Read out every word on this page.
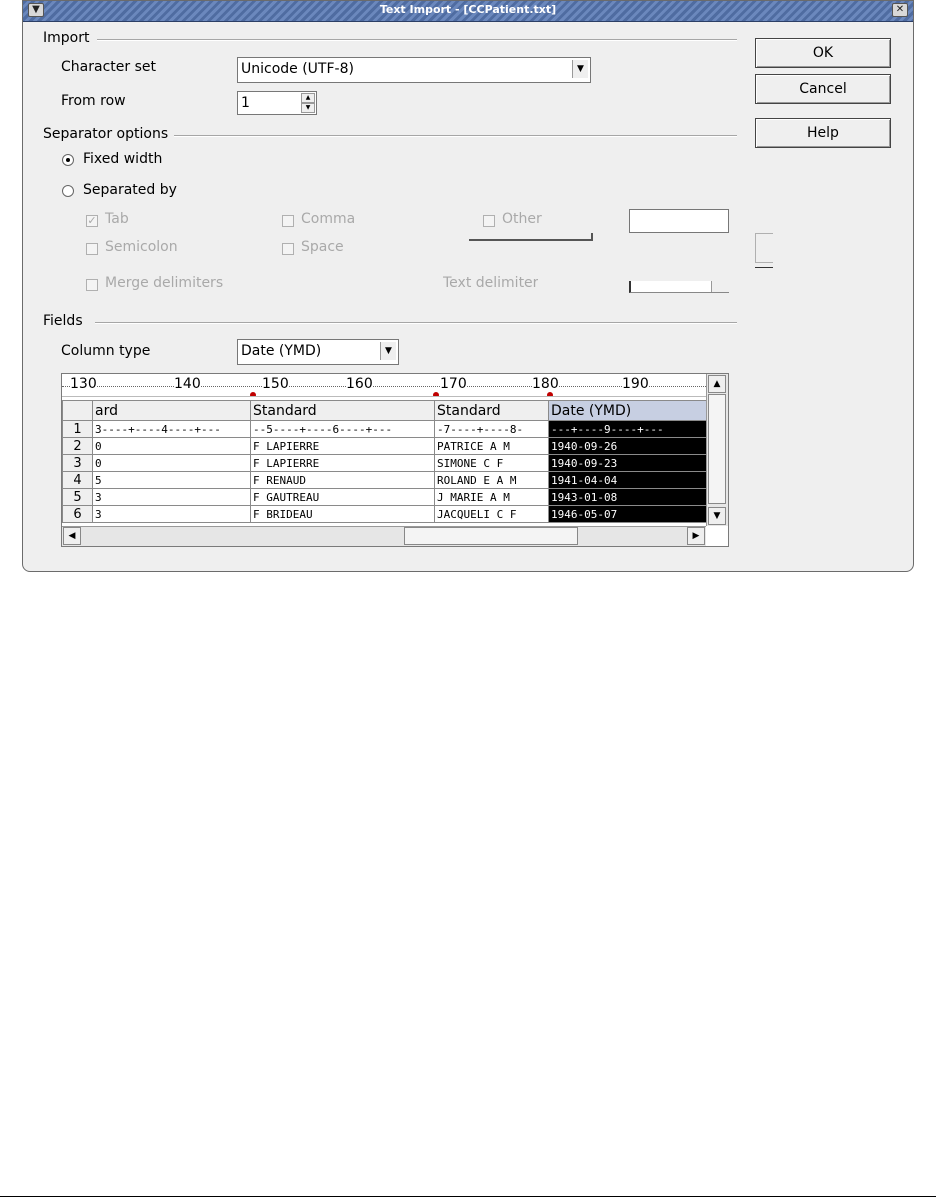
▼	Text Import - [CCPatient.txt]	✕
Import
Character set	Unicode (UTF-8)	▼
From row	1	▲
▼
OK
Cancel
Help
Separator options
Fixed width
Separated by
✓ Tab	Comma	Other
Semicolon	Space
Merge delimiters	Text delimiter
Fields
Column type	Date (YMD)	▼
130	140	150	160	170	180	190
	ard	Standard	Standard	Date (YMD)
1	3----+----4----+---	--5----+----6----+---	-7----+----8-	---+----9----+---
2	0	F LAPIERRE	PATRICE A M	1940-09-26
3	0	F LAPIERRE	SIMONE C F	1940-09-23
4	5	F RENAUD	ROLAND E A M	1941-04-04
5	3	F GAUTREAU	J MARIE A M	1943-01-08
6	3	F BRIDEAU	JACQUELI C F	1946-05-07
▲
▼
◀	▶
